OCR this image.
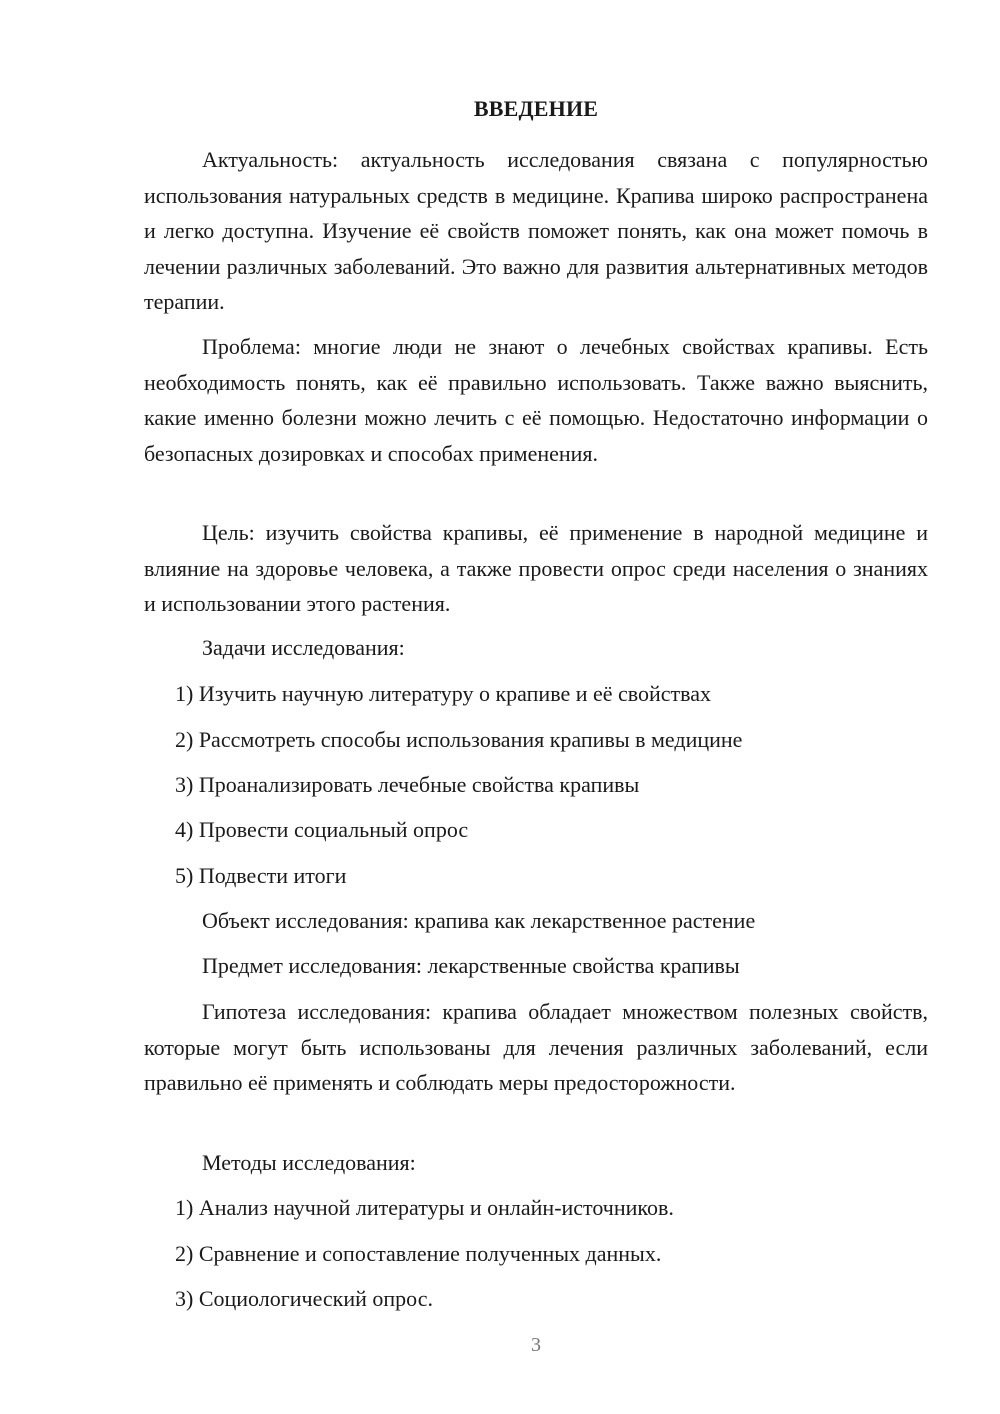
ВВЕДЕНИЕ

Актуальность: актуальность исследования связана с популярностью использования натуральных средств в медицине. Крапива широко распространена и легко доступна. Изучение её свойств поможет понять, как она может помочь в лечении различных заболеваний. Это важно для развития альтернативных методов терапии.

Проблема: многие люди не знают о лечебных свойствах крапивы. Есть необходимость понять, как её правильно использовать. Также важно выяснить, какие именно болезни можно лечить с её помощью. Недостаточно информации о безопасных дозировках и способах применения.

Цель: изучить свойства крапивы, её применение в народной медицине и влияние на здоровье человека, а также провести опрос среди населения о знаниях и использовании этого растения.

Задачи исследования:
1) Изучить научную литературу о крапиве и её свойствах
2) Рассмотреть способы использования крапивы в медицине
3) Проанализировать лечебные свойства крапивы
4) Провести социальный опрос
5) Подвести итоги
Объект исследования: крапива как лекарственное растение
Предмет исследования: лекарственные свойства крапивы

Гипотеза исследования: крапива обладает множеством полезных свойств, которые могут быть использованы для лечения различных заболеваний, если правильно её применять и соблюдать меры предосторожности.

Методы исследования:
1) Анализ научной литературы и онлайн-источников.
2) Сравнение и сопоставление полученных данных.
3) Социологический опрос.
3
